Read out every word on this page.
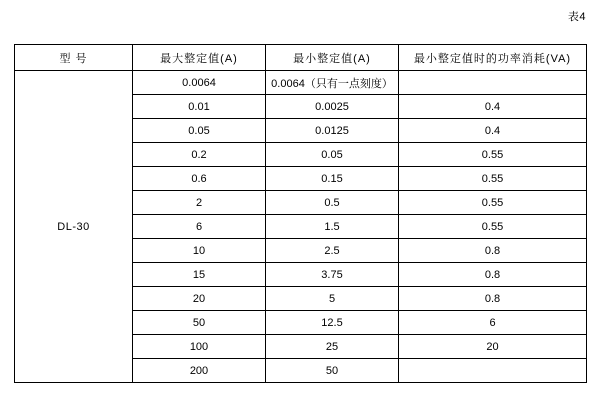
表4
型 号	最大整定值(A)	最小整定值(A)	最小整定值时的功率消耗(VA)
DL-30	0.0064	0.0064（只有一点刻度）	
	0.01	0.0025	0.4
	0.05	0.0125	0.4
	0.2	0.05	0.55
	0.6	0.15	0.55
	2	0.5	0.55
	6	1.5	0.55
	10	2.5	0.8
	15	3.75	0.8
	20	5	0.8
	50	12.5	6
	100	25	20
	200	50	
